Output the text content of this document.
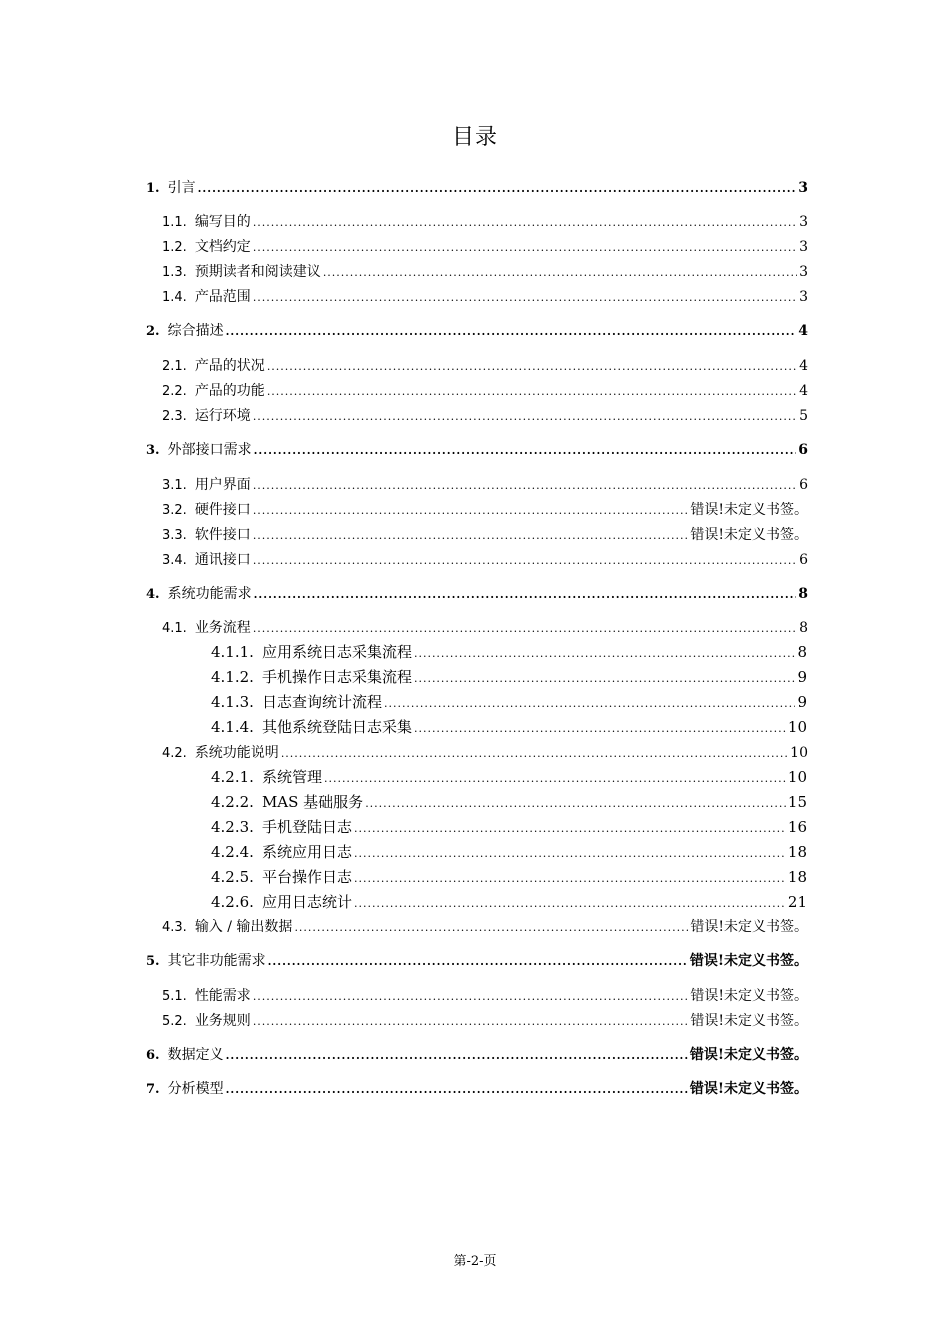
目录
1. 引言 .....	3
1.1. 编写目的 .....	3
1.2. 文档约定 .....	3
1.3. 预期读者和阅读建议 .....	3
1.4. 产品范围 .....	3
2. 综合描述 .....	4
2.1. 产品的状况 .....	4
2.2. 产品的功能 .....	4
2.3. 运行环境 .....	5
3. 外部接口需求 .....	6
3.1. 用户界面 .....	6
3.2. 硬件接口 .....	错误!未定义书签。
3.3. 软件接口 .....	错误!未定义书签。
3.4. 通讯接口 .....	6
4. 系统功能需求 .....	8
4.1. 业务流程 .....	8
4.1.1. 应用系统日志采集流程 .....	8
4.1.2. 手机操作日志采集流程 .....	9
4.1.3. 日志查询统计流程 .....	9
4.1.4. 其他系统登陆日志采集 .....	10
4.2. 系统功能说明 .....	10
4.2.1. 系统管理 .....	10
4.2.2. MAS 基础服务 .....	15
4.2.3. 手机登陆日志 .....	16
4.2.4. 系统应用日志 .....	18
4.2.5. 平台操作日志 .....	18
4.2.6. 应用日志统计 .....	21
4.3. 输入 / 输出数据 .....	错误!未定义书签。
5. 其它非功能需求 .....	错误!未定义书签。
5.1. 性能需求 .....	错误!未定义书签。
5.2. 业务规则 .....	错误!未定义书签。
6. 数据定义 .....	错误!未定义书签。
7. 分析模型 .....	错误!未定义书签。
第-2-页
